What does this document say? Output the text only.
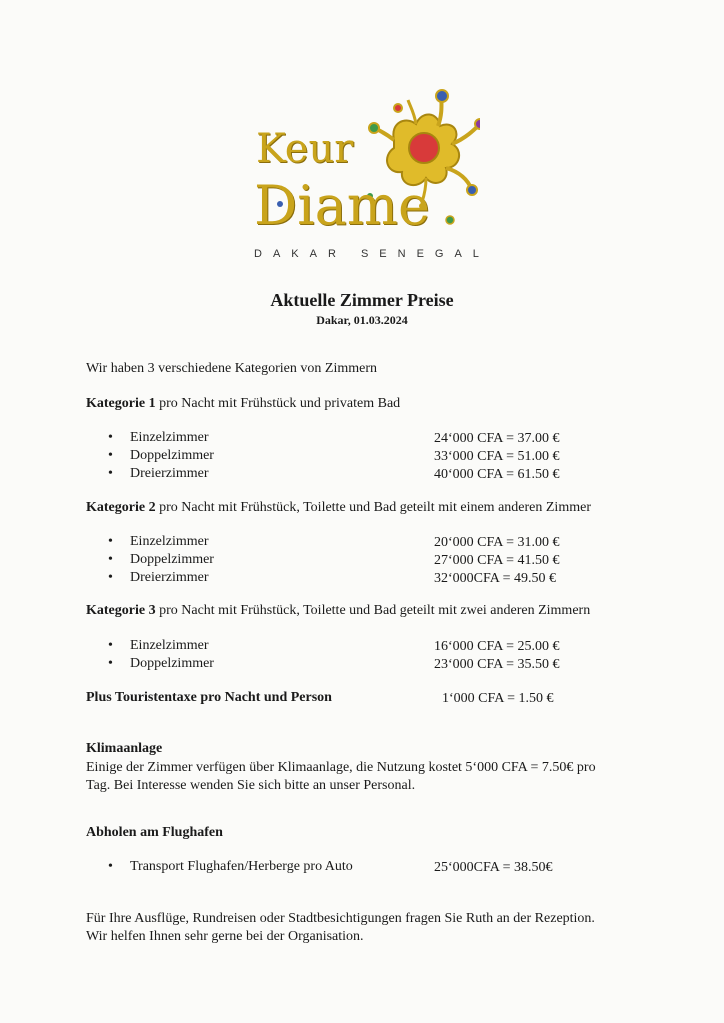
Keur
Diame
DAKAR SENEGAL
Aktuelle Zimmer Preise
Dakar, 01.03.2024
Wir haben 3 verschiedene Kategorien von Zimmern
Kategorie 1 pro Nacht mit Frühstück und privatem Bad
• Einzelzimmer	24‘000 CFA = 37.00 €
• Doppelzimmer	33‘000 CFA = 51.00 €
• Dreierzimmer	40‘000 CFA = 61.50 €
Kategorie 2 pro Nacht mit Frühstück, Toilette und Bad geteilt mit einem anderen Zimmer
• Einzelzimmer	20‘000 CFA = 31.00 €
• Doppelzimmer	27‘000 CFA = 41.50 €
• Dreierzimmer	32‘000CFA = 49.50 €
Kategorie 3 pro Nacht mit Frühstück, Toilette und Bad geteilt mit zwei anderen Zimmern
• Einzelzimmer	16‘000 CFA = 25.00 €
• Doppelzimmer	23‘000 CFA = 35.50 €
Plus Touristentaxe pro Nacht und Person	1‘000 CFA = 1.50 €
Klimaanlage
Einige der Zimmer verfügen über Klimaanlage, die Nutzung kostet 5‘000 CFA = 7.50€ pro
Tag. Bei Interesse wenden Sie sich bitte an unser Personal.
Abholen am Flughafen
• Transport Flughafen/Herberge pro Auto	25‘000CFA = 38.50€
Für Ihre Ausflüge, Rundreisen oder Stadtbesichtigungen fragen Sie Ruth an der Rezeption.
Wir helfen Ihnen sehr gerne bei der Organisation.
